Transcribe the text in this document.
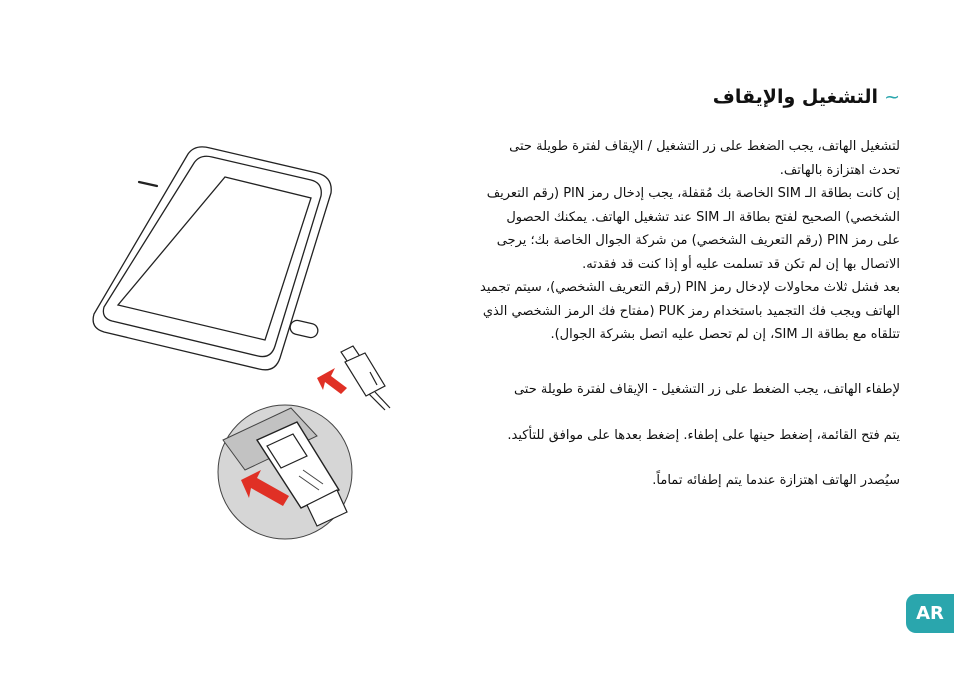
~التشغيل والإيقاف

لتشغيل الهاتف، يجب الضغط على زر التشغيل / الإيقاف لفترة طويلة حتى تحدث اهتزازة بالهاتف.
إن كانت بطاقة الـ SIM الخاصة بك مُقفلة، يجب إدخال رمز PIN (رقم التعريف الشخصي) الصحيح لفتح بطاقة الـ SIM عند تشغيل الهاتف. يمكنك الحصول على رمز PIN (رقم التعريف الشخصي) من شركة الجوال الخاصة بك؛ يرجى الاتصال بها إن لم تكن قد تسلمت عليه أو إذا كنت قد فقدته.
بعد فشل ثلاث محاولات لإدخال رمز PIN (رقم التعريف الشخصي)، سيتم تجميد الهاتف ويجب فك التجميد باستخدام رمز PUK (مفتاح فك الرمز الشخصي الذي تتلقاه مع بطاقة الـ SIM، إن لم تحصل عليه اتصل بشركة الجوال).

لإطفاء الهاتف، يجب الضغط على زر التشغيل - الإيقاف لفترة طويلة حتى

يتم فتح القائمة، إضغط حينها على إطفاء. إضغط بعدها على موافق للتأكيد.

سيُصدر الهاتف اهتزازة عندما يتم إطفائه تماماً.

AR
